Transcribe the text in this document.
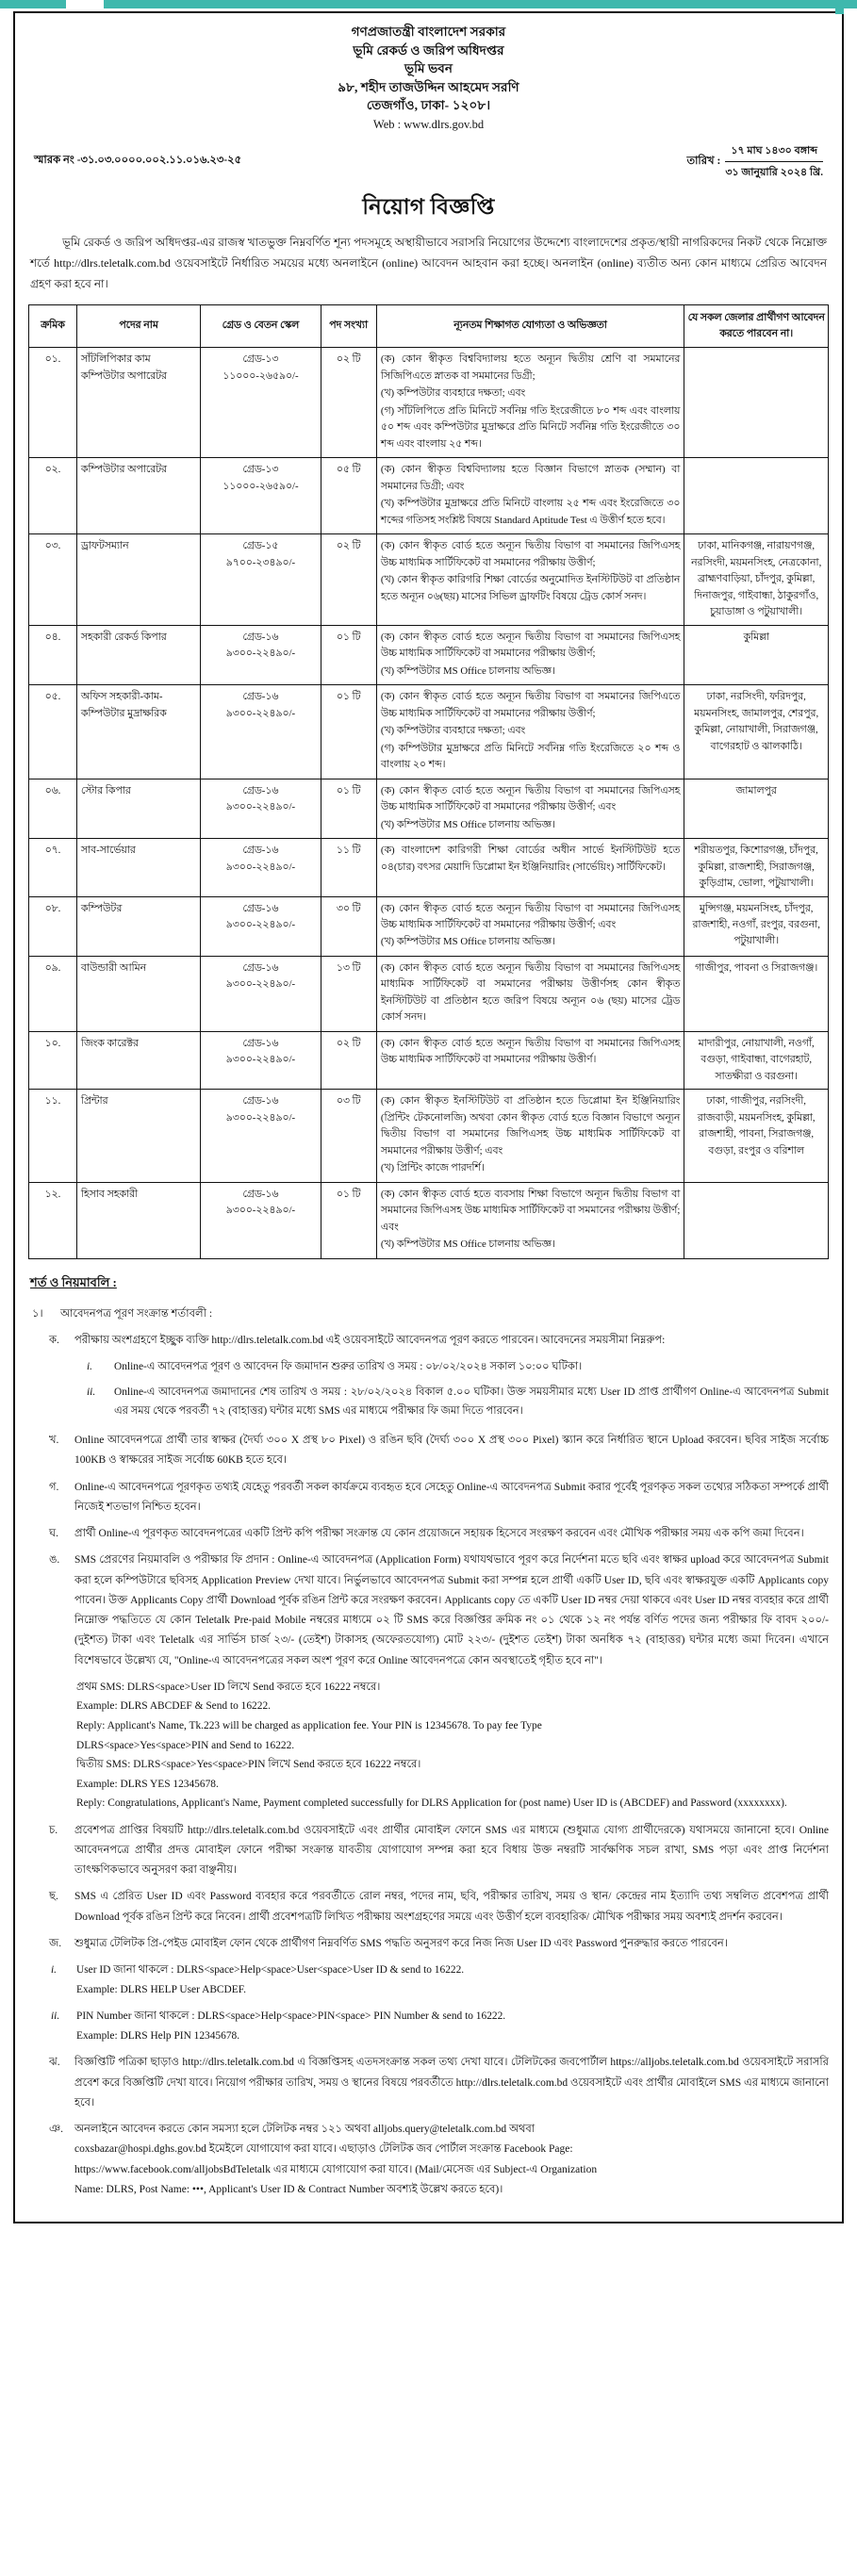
গণপ্রজাতন্ত্রী বাংলাদেশ সরকার
ভূমি রেকর্ড ও জরিপ অধিদপ্তর
ভূমি ভবন
৯৮, শহীদ তাজউদ্দিন আহমেদ সরণি
তেজগাঁও, ঢাকা- ১২০৮।
Web : www.dlrs.gov.bd
স্মারক নং -৩১.০৩.০০০০.০০২.১১.০১৬.২৩-২৫	তারিখ : $\frac{\text{১৭ মাঘ ১৪৩০ বঙ্গাব্দ}}{\text{৩১ জানুয়ারি ২০২৪ খ্রি.}}$
নিয়োগ বিজ্ঞপ্তি
ভূমি রেকর্ড ও জরিপ অধিদপ্তর-এর রাজস্ব খাতভুক্ত নিম্নবর্ণিত শূন্য পদসমূহে অস্থায়ীভাবে সরাসরি নিয়োগের উদ্দেশ্যে বাংলাদেশের প্রকৃত/স্থায়ী নাগরিকদের নিকট থেকে নিম্নোক্ত শর্তে http://dlrs.teletalk.com.bd ওয়েবসাইটে নির্ধারিত সময়ের মধ্যে অনলাইনে (online) আবেদন আহবান করা হচ্ছে। অনলাইন (online) ব্যতীত অন্য কোন মাধ্যমে প্রেরিত আবেদন গ্রহণ করা হবে না।
ক্রমিক	পদের নাম	গ্রেড ও বেতন স্কেল	পদ সংখ্যা	ন্যূনতম শিক্ষাগত যোগ্যতা ও অভিজ্ঞতা	যে সকল জেলার প্রার্থীগণ আবেদন করতে পারবেন না।
০১.	সাঁটলিপিকার কাম কম্পিউটার অপারেটর	গ্রেড-১৩
১১০০০-২৬৫৯০/-	০২ টি	(ক) কোন স্বীকৃত বিশ্ববিদ্যালয় হতে অন্যূন দ্বিতীয় শ্রেণি বা সমমানের সিজিপিএতে স্নাতক বা সমমানের ডিগ্রী;
(খ) কম্পিউটার ব্যবহারে দক্ষতা; এবং
(গ) সাঁটলিপিতে প্রতি মিনিটে সর্বনিম্ন গতি ইংরেজীতে ৮০ শব্দ এবং বাংলায় ৫০ শব্দ এবং কম্পিউটার মুদ্রাক্ষরে প্রতি মিনিটে সর্বনিম্ন গতি ইংরেজীতে ৩০ শব্দ এবং বাংলায় ২৫ শব্দ।	

০২.	কম্পিউটার অপারেটর	গ্রেড-১৩
১১০০০-২৬৫৯০/-	০৫ টি	(ক) কোন স্বীকৃত বিশ্ববিদ্যালয় হতে বিজ্ঞান বিভাগে স্নাতক (সম্মান) বা সমমানের ডিগ্রী; এবং
(খ) কম্পিউটার মুদ্রাক্ষরে প্রতি মিনিটে বাংলায় ২৫ শব্দ এবং ইংরেজিতে ৩০ শব্দের গতিসহ সংশ্লিষ্ট বিষয়ে Standard Aptitude Test এ উত্তীর্ণ হতে হবে।	

০৩.	ড্রাফটসম্যান	গ্রেড-১৫
৯৭০০-২৩৪৯০/-	০২ টি	(ক) কোন স্বীকৃত বোর্ড হতে অন্যূন দ্বিতীয় বিভাগ বা সমমানের জিপিএসহ উচ্চ মাধ্যমিক সার্টিফিকেট বা সমমানের পরীক্ষায় উত্তীর্ণ;
(খ) কোন স্বীকৃত কারিগরি শিক্ষা বোর্ডের অনুমোদিত ইনস্টিটিউট বা প্রতিষ্ঠান হতে অন্যূন ০৬(ছয়) মাসের সিভিল ড্রাফটিং বিষয়ে ট্রেড কোর্স সনদ।	ঢাকা, মানিকগঞ্জ, নারায়ণগঞ্জ, নরসিংদী, ময়মনসিংহ, নেত্রকোনা, ব্রাহ্মণবাড়িয়া, চাঁদপুর, কুমিল্লা, দিনাজপুর, গাইবান্ধা, ঠাকুরগাঁও, চুয়াডাঙ্গা ও পটুয়াখালী।
০৪.	সহকারী রেকর্ড কিপার	গ্রেড-১৬
৯৩০০-২২৪৯০/-	০১ টি	(ক) কোন স্বীকৃত বোর্ড হতে অন্যূন দ্বিতীয় বিভাগ বা সমমানের জিপিএসহ উচ্চ মাধ্যমিক সার্টিফিকেট বা সমমানের পরীক্ষায় উত্তীর্ণ;
(খ) কম্পিউটার MS Office চালনায় অভিজ্ঞ।	কুমিল্লা
০৫.	অফিস সহকারী-কাম-কম্পিউটার মুদ্রাক্ষরিক	গ্রেড-১৬
৯৩০০-২২৪৯০/-	০১ টি	(ক) কোন স্বীকৃত বোর্ড হতে অন্যূন দ্বিতীয় বিভাগ বা সমমানের জিপিএতে উচ্চ মাধ্যমিক সার্টিফিকেট বা সমমানের পরীক্ষায় উত্তীর্ণ;
(খ) কম্পিউটার ব্যবহারে দক্ষতা; এবং
(গ) কম্পিউটার মুদ্রাক্ষরে প্রতি মিনিটে সর্বনিম্ন গতি ইংরেজিতে ২০ শব্দ ও বাংলায় ২০ শব্দ।	ঢাকা, নরসিংদী, ফরিদপুর, ময়মনসিংহ, জামালপুর, শেরপুর, কুমিল্লা, নোয়াখালী, সিরাজগঞ্জ, বাগেরহাট ও ঝালকাঠি।
০৬.	স্টোর কিপার	গ্রেড-১৬
৯৩০০-২২৪৯০/-	০১ টি	(ক) কোন স্বীকৃত বোর্ড হতে অন্যূন দ্বিতীয় বিভাগ বা সমমানের জিপিএসহ উচ্চ মাধ্যমিক সার্টিফিকেট বা সমমানের পরীক্ষায় উত্তীর্ণ; এবং
(খ) কম্পিউটার MS Office চালনায় অভিজ্ঞ।	জামালপুর
০৭.	সাব-সার্ভেয়ার	গ্রেড-১৬
৯৩০০-২২৪৯০/-	১১ টি	(ক) বাংলাদেশ কারিগরী শিক্ষা বোর্ডের অধীন সার্ভে ইনস্টিটিউট হতে ০৪(চার) বৎসর মেয়াদি ডিপ্লোমা ইন ইঞ্জিনিয়ারিং (সার্ভেয়িং) সার্টিফিকেট।	শরীয়তপুর, কিশোরগঞ্জ, চাঁদপুর, কুমিল্লা, রাজশাহী, সিরাজগঞ্জ, কুড়িগ্রাম, ভোলা, পটুয়াখালী।
০৮.	কম্পিউটর	গ্রেড-১৬
৯৩০০-২২৪৯০/-	৩০ টি	(ক) কোন স্বীকৃত বোর্ড হতে অন্যূন দ্বিতীয় বিভাগ বা সমমানের জিপিএসহ উচ্চ মাধ্যমিক সার্টিফিকেট বা সমমানের পরীক্ষায় উত্তীর্ণ; এবং
(খ) কম্পিউটার MS Office চালনায় অভিজ্ঞ।	মুন্সিগঞ্জ, ময়মনসিংহ, চাঁদপুর, রাজশাহী, নওগাঁ, রংপুর, বরগুনা, পটুয়াখালী।
০৯.	বাউন্ডারী আমিন	গ্রেড-১৬
৯৩০০-২২৪৯০/-	১৩ টি	(ক) কোন স্বীকৃত বোর্ড হতে অন্যূন দ্বিতীয় বিভাগ বা সমমানের জিপিএসহ মাধ্যমিক সার্টিফিকেট বা সমমানের পরীক্ষায় উত্তীর্ণসহ কোন স্বীকৃত ইনস্টিটিউট বা প্রতিষ্ঠান হতে জরিপ বিষয়ে অন্যূন ০৬ (ছয়) মাসের ট্রেড কোর্স সনদ।	গাজীপুর, পাবনা ও সিরাজগঞ্জ।
১০.	জিংক কারেক্টর	গ্রেড-১৬
৯৩০০-২২৪৯০/-	০২ টি	(ক) কোন স্বীকৃত বোর্ড হতে অন্যূন দ্বিতীয় বিভাগ বা সমমানের জিপিএসহ উচ্চ মাধ্যমিক সার্টিফিকেট বা সমমানের পরীক্ষায় উত্তীর্ণ।	মাদারীপুর, নোয়াখালী, নওগাঁ, বগুড়া, গাইবান্ধা, বাগেরহাট, সাতক্ষীরা ও বরগুনা।
১১.	প্রিন্টার	গ্রেড-১৬
৯৩০০-২২৪৯০/-	০৩ টি	(ক) কোন স্বীকৃত ইনস্টিটিউট বা প্রতিষ্ঠান হতে ডিপ্লোমা ইন ইঞ্জিনিয়ারিং (প্রিন্টিং টেকনোলজি) অথবা কোন স্বীকৃত বোর্ড হতে বিজ্ঞান বিভাগে অন্যূন দ্বিতীয় বিভাগ বা সমমানের জিপিএসহ উচ্চ মাধ্যমিক সার্টিফিকেট বা সমমানের পরীক্ষায় উত্তীর্ণ; এবং
(খ) প্রিন্টিং কাজে পারদর্শি।	ঢাকা, গাজীপুর, নরসিংদী, রাজবাড়ী, ময়মনসিংহ, কুমিল্লা, রাজশাহী, পাবনা, সিরাজগঞ্জ, বগুড়া, রংপুর ও বরিশাল
১২.	হিসাব সহকারী	গ্রেড-১৬
৯৩০০-২২৪৯০/-	০১ টি	(ক) কোন স্বীকৃত বোর্ড হতে ব্যবসায় শিক্ষা বিভাগে অন্যূন দ্বিতীয় বিভাগ বা সমমানের জিপিএসহ উচ্চ মাধ্যমিক সার্টিফিকেট বা সমমানের পরীক্ষায় উত্তীর্ণ; এবং
(খ) কম্পিউটার MS Office চালনায় অভিজ্ঞ।	

শর্ত ও নিয়মাবলি :
১।	আবেদনপত্র পূরণ সংক্রান্ত শর্তাবলী :
ক.	পরীক্ষায় অংশগ্রহণে ইচ্ছুক ব্যক্তি http://dlrs.teletalk.com.bd এই ওয়েবসাইটে আবেদনপত্র পূরণ করতে পারবেন। আবেদনের সময়সীমা নিম্নরুপ:
i.	Online-এ আবেদনপত্র পূরণ ও আবেদন ফি জমাদান শুরুর তারিখ ও সময় : ০৮/০২/২০২৪ সকাল ১০:০০ ঘটিকা।
ii.	Online-এ আবেদনপত্র জমাদানের শেষ তারিখ ও সময় : ২৮/০২/২০২৪ বিকাল ৫.০০ ঘটিকা। উক্ত সময়সীমার মধ্যে User ID প্রাপ্ত প্রার্থীগণ Online-এ আবেদনপত্র Submit এর সময় থেকে পরবর্তী ৭২ (বাহাত্তর) ঘন্টার মধ্যে SMS এর মাধ্যমে পরীক্ষার ফি জমা দিতে পারবেন।
খ.	Online আবেদনপত্রে প্রার্থী তার স্বাক্ষর (দৈর্ঘ্য ৩০০ X প্রস্থ ৮০ Pixel) ও রঙিন ছবি (দৈর্ঘ্য ৩০০ X প্রস্থ ৩০০ Pixel) স্ক্যান করে নির্ধারিত স্থানে Upload করবেন। ছবির সাইজ সর্বোচ্চ 100KB ও স্বাক্ষরের সাইজ সর্বোচ্চ 60KB হতে হবে।
গ.	Online-এ আবেদনপত্রে পূরণকৃত তথ্যই যেহেতু পরবর্তী সকল কার্যক্রমে ব্যবহৃত হবে সেহেতু Online-এ আবেদনপত্র Submit করার পূর্বেই পূরণকৃত সকল তথ্যের সঠিকতা সম্পর্কে প্রার্থী নিজেই শতভাগ নিশ্চিত হবেন।
ঘ.	প্রার্থী Online-এ পূরণকৃত আবেদনপত্রের একটি প্রিন্ট কপি পরীক্ষা সংক্রান্ত যে কোন প্রয়োজনে সহায়ক হিসেবে সংরক্ষণ করবেন এবং মৌখিক পরীক্ষার সময় এক কপি জমা দিবেন।
ঙ.	SMS প্রেরণের নিয়মাবলি ও পরীক্ষার ফি প্রদান : Online-এ আবেদনপত্র (Application Form) যথাযথভাবে পূরণ করে নির্দেশনা মতে ছবি এবং স্বাক্ষর upload করে আবেদনপত্র Submit করা হলে কম্পিউটারে ছবিসহ Application Preview দেখা যাবে। নির্ভুলভাবে আবেদনপত্র Submit করা সম্পন্ন হলে প্রার্থী একটি User ID, ছবি এবং স্বাক্ষরযুক্ত একটি Applicants copy পাবেন। উক্ত Applicants Copy প্রার্থী Download পূর্বক রঙিন প্রিন্ট করে সংরক্ষণ করবেন। Applicants copy তে একটি User ID নম্বর দেয়া থাকবে এবং User ID নম্বর ব্যবহার করে প্রার্থী নিম্নোক্ত পদ্ধতিতে যে কোন Teletalk Pre-paid Mobile নম্বরের মাধ্যমে ০২ টি SMS করে বিজ্ঞপ্তির ক্রমিক নং ০১ থেকে ১২ নং পর্যন্ত বর্ণিত পদের জন্য পরীক্ষার ফি বাবদ ২০০/- (দুইশত) টাকা এবং Teletalk এর সার্ভিস চার্জ ২৩/- (তেইশ) টাকাসহ (অফেরতযোগ্য) মোট ২২৩/- (দুইশত তেইশ) টাকা অনধিক ৭২ (বাহাত্তর) ঘন্টার মধ্যে জমা দিবেন। এখানে বিশেষভাবে উল্লেখ্য যে, "Online-এ আবেদনপত্রের সকল অংশ পূরণ করে Online আবেদনপত্রে কোন অবস্থাতেই গৃহীত হবে না"।
প্রথম SMS: DLRS<space>User ID লিখে Send করতে হবে 16222 নম্বরে।
Example: DLRS ABCDEF & Send to 16222.
Reply: Applicant's Name, Tk.223 will be charged as application fee. Your PIN is 12345678. To pay fee Type
DLRS<space>Yes<space>PIN and Send to 16222.
দ্বিতীয় SMS: DLRS<space>Yes<space>PIN লিখে Send করতে হবে 16222 নম্বরে।
Example: DLRS YES 12345678.
Reply: Congratulations, Applicant's Name, Payment completed successfully for DLRS Application for (post name) User ID is (ABCDEF) and Password (xxxxxxxx).
চ.	প্রবেশপত্র প্রাপ্তির বিষয়টি http://dlrs.teletalk.com.bd ওয়েবসাইটে এবং প্রার্থীর মোবাইল ফোনে SMS এর মাধ্যমে (শুধুমাত্র যোগ্য প্রার্থীদেরকে) যথাসময়ে জানানো হবে। Online আবেদনপত্রে প্রার্থীর প্রদত্ত মোবাইল ফোনে পরীক্ষা সংক্রান্ত যাবতীয় যোগাযোগ সম্পন্ন করা হবে বিধায় উক্ত নম্বরটি সার্বক্ষণিক সচল রাখা, SMS পড়া এবং প্রাপ্ত নির্দেশনা তাৎক্ষণিকভাবে অনুসরণ করা বাঞ্ছনীয়।
ছ.	SMS এ প্রেরিত User ID এবং Password ব্যবহার করে পরবর্তীতে রোল নম্বর, পদের নাম, ছবি, পরীক্ষার তারিখ, সময় ও স্থান/ কেন্দ্রের নাম ইত্যাদি তথ্য সম্বলিত প্রবেশপত্র প্রার্থী Download পূর্বক রঙিন প্রিন্ট করে নিবেন। প্রার্থী প্রবেশপত্রটি লিখিত পরীক্ষায় অংশগ্রহণের সময়ে এবং উত্তীর্ণ হলে ব্যবহারিক/ মৌখিক পরীক্ষার সময় অবশ্যই প্রদর্শন করবেন।
জ.	শুধুমাত্র টেলিটক প্রি-পেইড মোবাইল ফোন থেকে প্রার্থীগণ নিম্নবর্ণিত SMS পদ্ধতি অনুসরণ করে নিজ নিজ User ID এবং Password পুনরুদ্ধার করতে পারবেন।
i.	User ID জানা থাকলে : DLRS<space>Help<space>User<space>User ID & send to 16222.
Example: DLRS HELP User ABCDEF.
ii.	PIN Number জানা থাকলে : DLRS<space>Help<space>PIN<space> PIN Number & send to 16222.
Example: DLRS Help PIN 12345678.
ঝ.	বিজ্ঞপ্তিটি পত্রিকা ছাড়াও http://dlrs.teletalk.com.bd এ বিজ্ঞপ্তিসহ এতদসংক্রান্ত সকল তথ্য দেখা যাবে। টেলিটকের জবপোর্টাল https://alljobs.teletalk.com.bd ওয়েবসাইটে সরাসরি প্রবেশ করে বিজ্ঞপ্তিটি দেখা যাবে। নিয়োগ পরীক্ষার তারিখ, সময় ও স্থানের বিষয়ে পরবর্তীতে http://dlrs.teletalk.com.bd ওয়েবসাইটে এবং প্রার্থীর মোবাইলে SMS এর মাধ্যমে জানানো হবে।
ঞ. অনলাইনে আবেদন করতে কোন সমস্যা হলে টেলিটক নম্বর ১২১ অথবা alljobs.query@teletalk.com.bd অথবা
coxsbazar@hospi.dghs.gov.bd ইমেইলে যোগাযোগ করা যাবে। এছাড়াও টেলিটক জব পোর্টাল সংক্রান্ত Facebook Page:
https://www.facebook.com/alljobsBdTeletalk এর মাধ্যমে যোগাযোগ করা যাবে। (Mail/মেসেজ এর Subject-এ Organization
Name: DLRS, Post Name: •••, Applicant's User ID & Contract Number অবশ্যই উল্লেখ করতে হবে)।
